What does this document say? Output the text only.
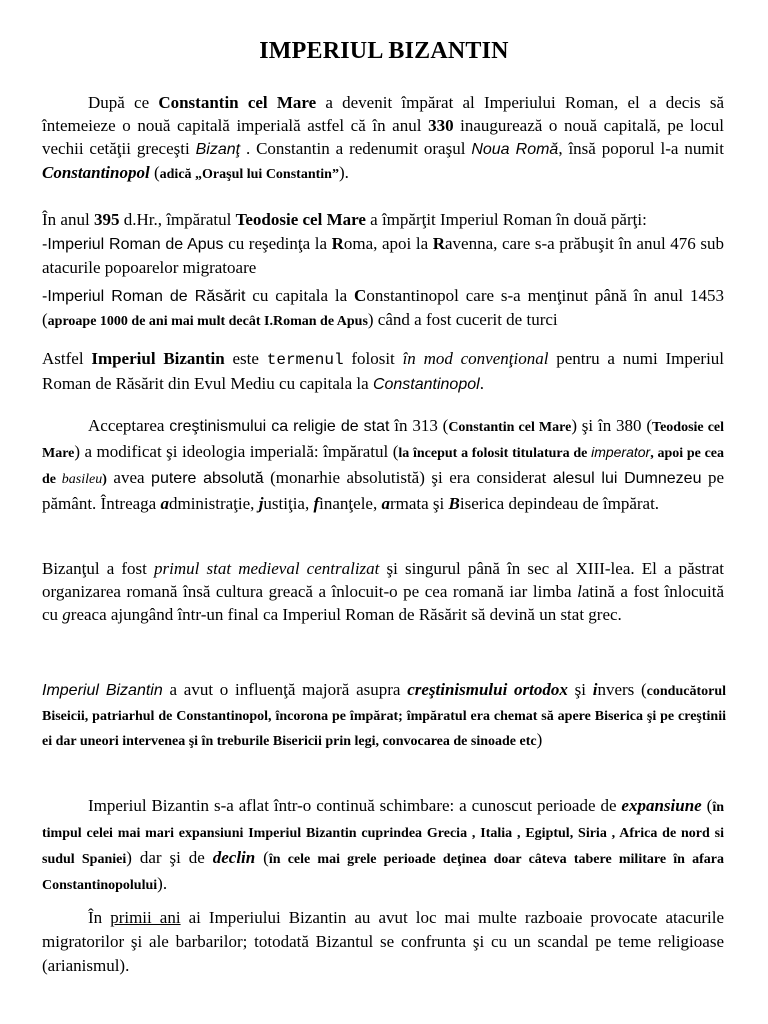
IMPERIUL BIZANTIN

După ce Constantin cel Mare a devenit împărat al Imperiului Roman, el a decis să întemeieze o nouă capitală imperială astfel că în anul 330 inaugurează o nouă capitală, pe locul vechii cetăţii greceşti Bizanţ . Constantin a redenumit oraşul Noua Romă, însă poporul l-a numit Constantinopol (adică „Oraşul lui Constantin”).

În anul 395 d.Hr., împăratul Teodosie cel Mare a împărţit Imperiul Roman în două părţi:

-Imperiul Roman de Apus cu reşedinţa la Roma, apoi la Ravenna, care s-a prăbuşit în anul 476 sub atacurile popoarelor migratoare

-Imperiul Roman de Răsărit cu capitala la Constantinopol care s-a menţinut până în anul 1453 (aproape 1000 de ani mai mult decât I.Roman de Apus) când a fost cucerit de turci

Astfel Imperiul Bizantin este termenul folosit în mod convenţional pentru a numi Imperiul Roman de Răsărit din Evul Mediu cu capitala la Constantinopol.

Acceptarea creştinismului ca religie de stat în 313 (Constantin cel Mare) şi în 380 (Teodosie cel Mare) a modificat şi ideologia imperială: împăratul (la început a folosit titulatura de imperator, apoi pe cea de basileu) avea putere absolută (monarhie absolutistă) şi era considerat alesul lui Dumnezeu pe pământ. Întreaga administraţie, justiţia, finanţele, armata şi Biserica depindeau de împărat.

Bizanţul a fost primul stat medieval centralizat şi singurul până în sec al XIII-lea. El a păstrat organizarea romană însă cultura greacă a înlocuit-o pe cea romană iar limba latină a fost înlocuită cu greaca ajungând într-un final ca Imperiul Roman de Răsărit să devină un stat grec.

Imperiul Bizantin a avut o influenţă majoră asupra creştinismului ortodox şi invers (conducătorul Biseicii, patriarhul de Constantinopol, încorona pe împărat; împăratul era chemat să apere Biserica şi pe creştinii ei dar uneori intervenea şi în treburile Bisericii prin legi, convocarea de sinoade etc)

Imperiul Bizantin s-a aflat într-o continuă schimbare: a cunoscut perioade de expansiune (în timpul celei mai mari expansiuni Imperiul Bizantin cuprindea Grecia , Italia , Egiptul, Siria , Africa de nord si sudul Spaniei) dar şi de declin (în cele mai grele perioade deţinea doar câteva tabere militare în afara Constantinopolului).

În primii ani ai Imperiului Bizantin au avut loc mai multe razboaie provocate atacurile migratorilor şi ale barbarilor; totodată Bizantul se confrunta şi cu un scandal pe teme religioase (arianismul).
